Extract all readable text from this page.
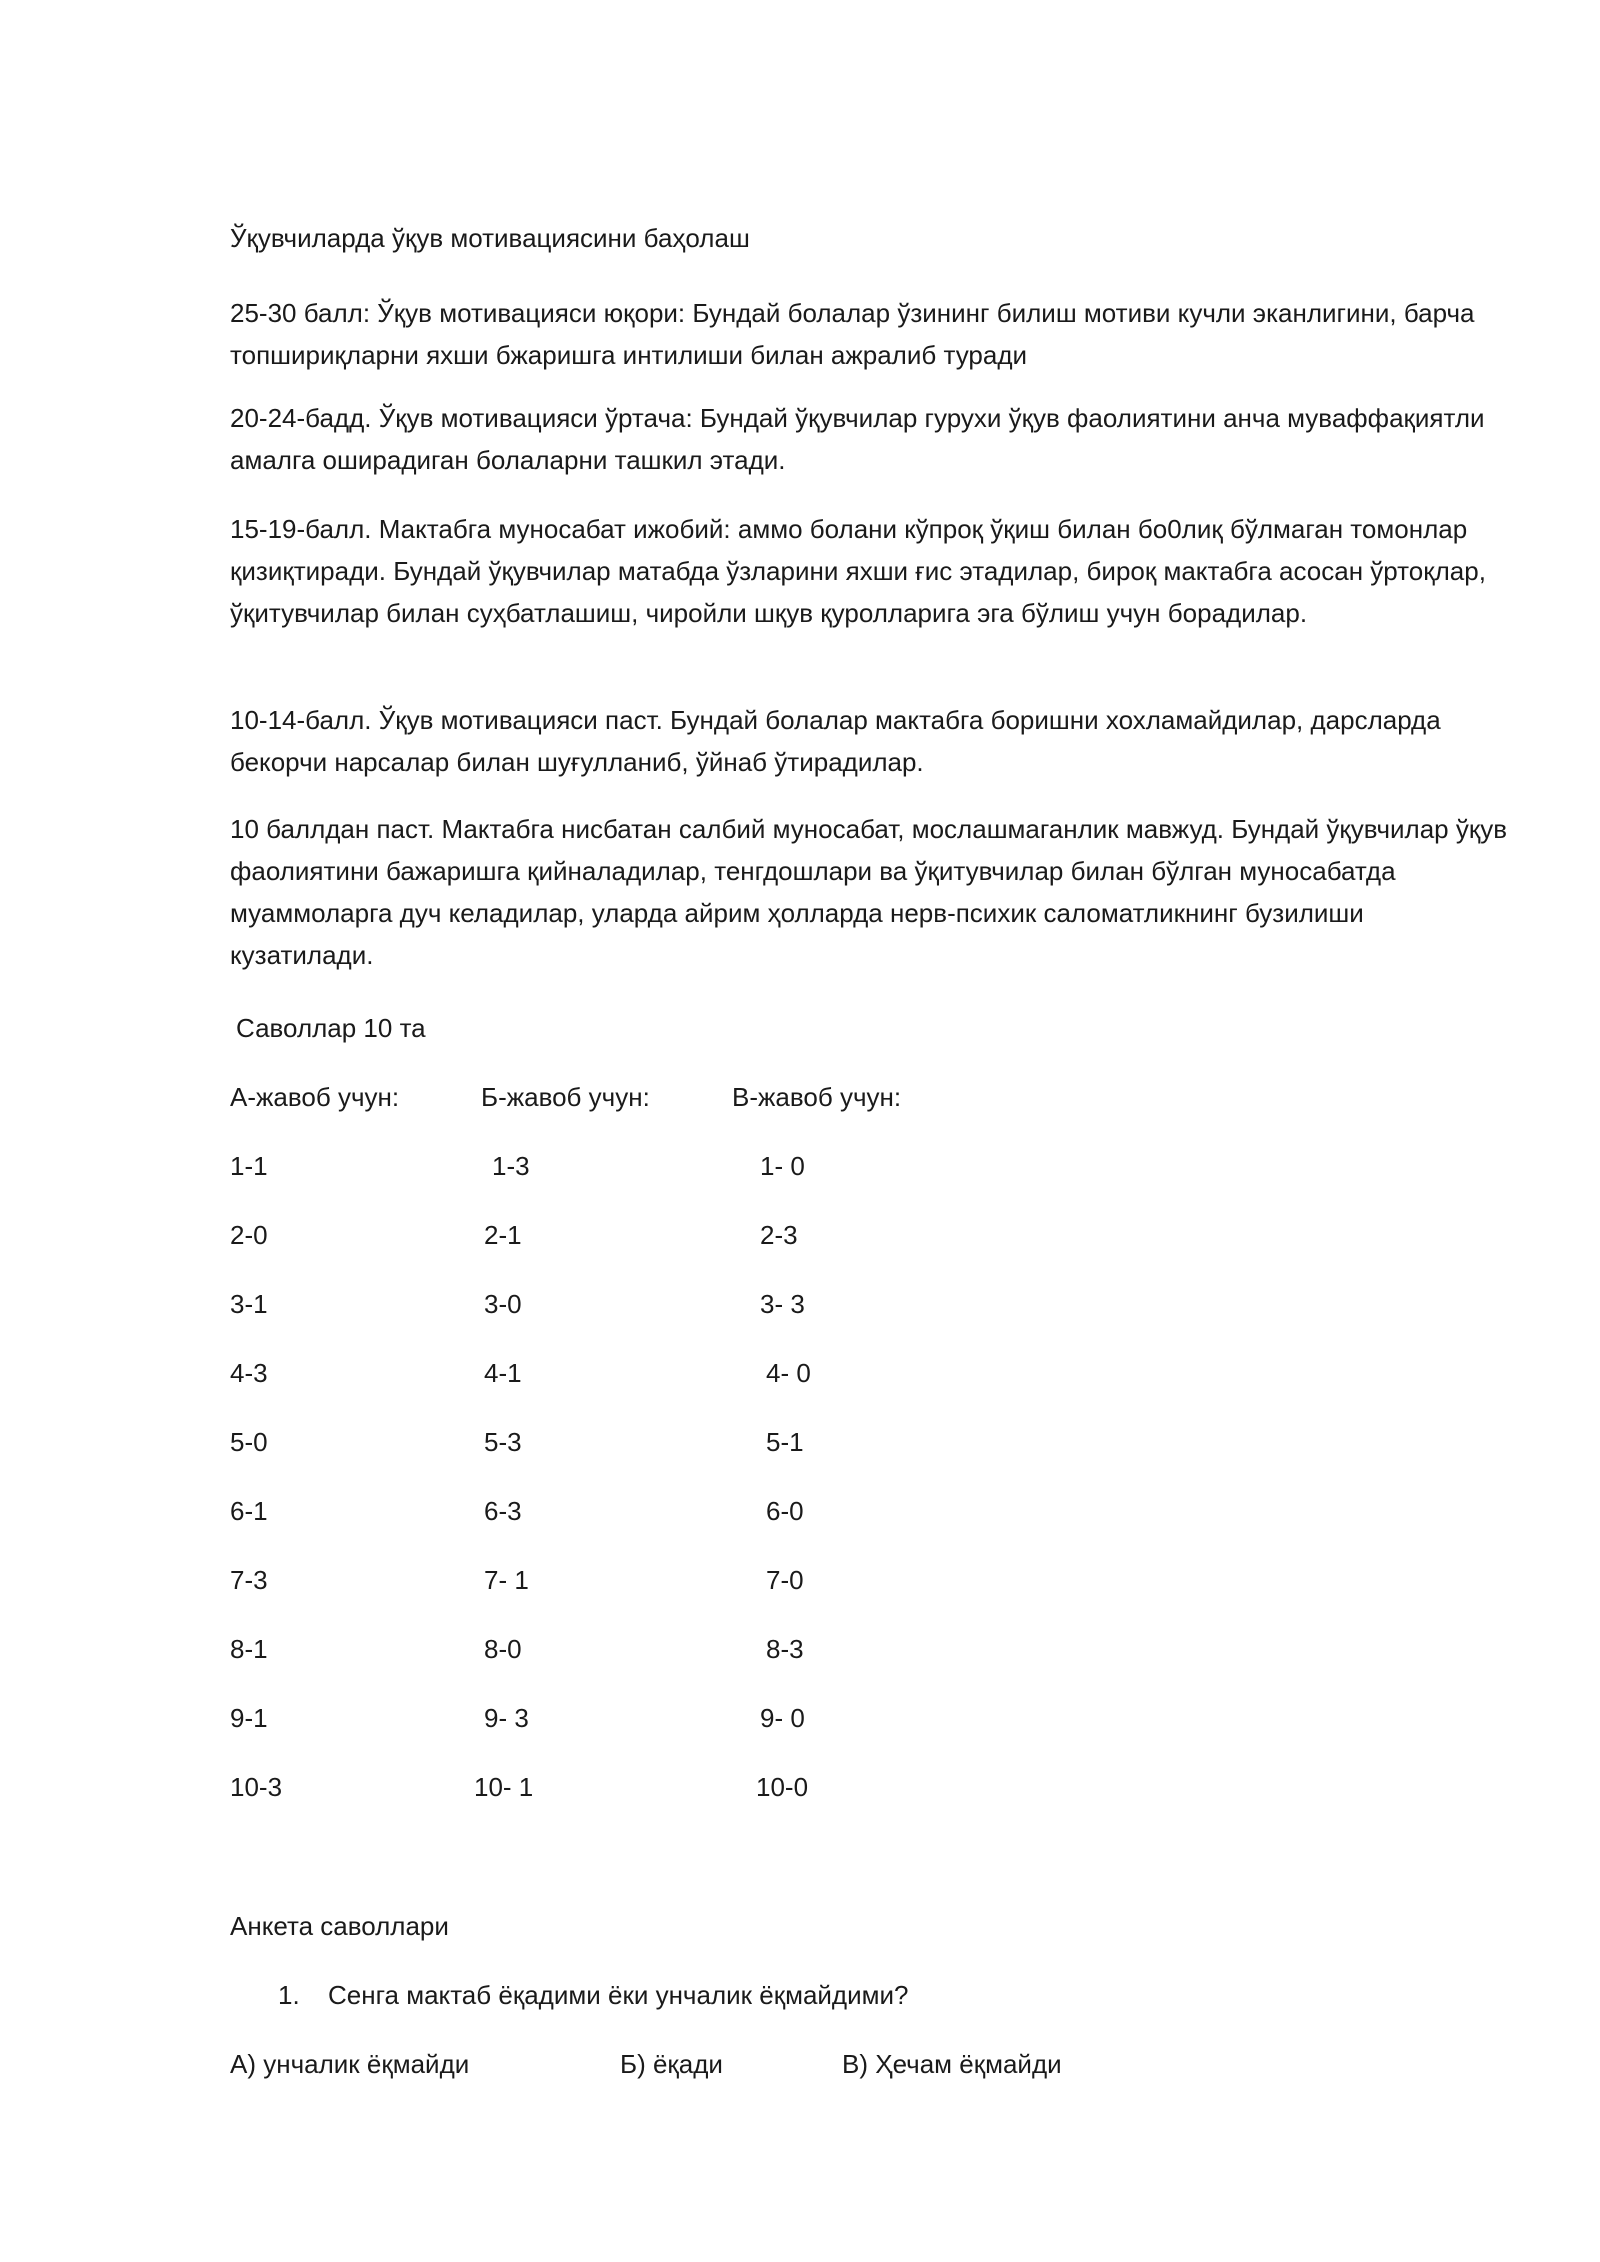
Ўқувчиларда ўқув мотивациясини баҳолаш
25-30 балл: Ўқув мотивацияси юқори: Бундай болалар ўзининг билиш мотиви кучли эканлигини, барча топшириқларни яхши бжаришга интилиши билан ажралиб туради
20-24-бадд. Ўқув мотивацияси ўртача: Бундай ўқувчилар гурухи ўқув фаолиятини анча муваффақиятли амалга оширадиган болаларни ташкил этади.
15-19-балл. Мактабга муносабат ижобий: аммо болани кўпроқ ўқиш билан бо0лиқ бўлмаган томонлар қизиқтиради. Бундай ўқувчилар матабда ўзларини яхши ғис этадилар, бироқ мактабга асосан ўртоқлар, ўқитувчилар билан суҳбатлашиш, чиройли шқув қуролларига эга бўлиш учун борадилар.
10-14-балл. Ўқув мотивацияси паст. Бундай болалар мактабга боришни хохламайдилар, дарсларда бекорчи нарсалар билан шуғулланиб, ўйнаб ўтирадилар.
10 баллдан паст. Мактабга нисбатан салбий муносабат, мослашмаганлик мавжуд. Бундай ўқувчилар ўқув фаолиятини бажаришга қийналадилар, тенгдошлари ва ўқитувчилар билан бўлган муносабатда муаммоларга дуч келадилар, уларда айрим ҳолларда нерв-психик саломатликнинг бузилиши кузатилади.
Саволлар 10 та
А-жавоб учун:	Б-жавоб учун:	В-жавоб учун:
1-1	1-3	1- 0
2-0	2-1	2-3
3-1	3-0	3- 3
4-3	4-1	4- 0
5-0	5-3	5-1
6-1	6-3	6-0
7-3	7- 1	7-0
8-1	8-0	8-3
9-1	9- 3	9- 0
10-3	10- 1	10-0
Анкета саволлари
1. Сенга мактаб ёқадими ёки унчалик ёқмайдими?
А) унчалик ёқмайди	Б) ёқади	В) Ҳечам ёқмайди
